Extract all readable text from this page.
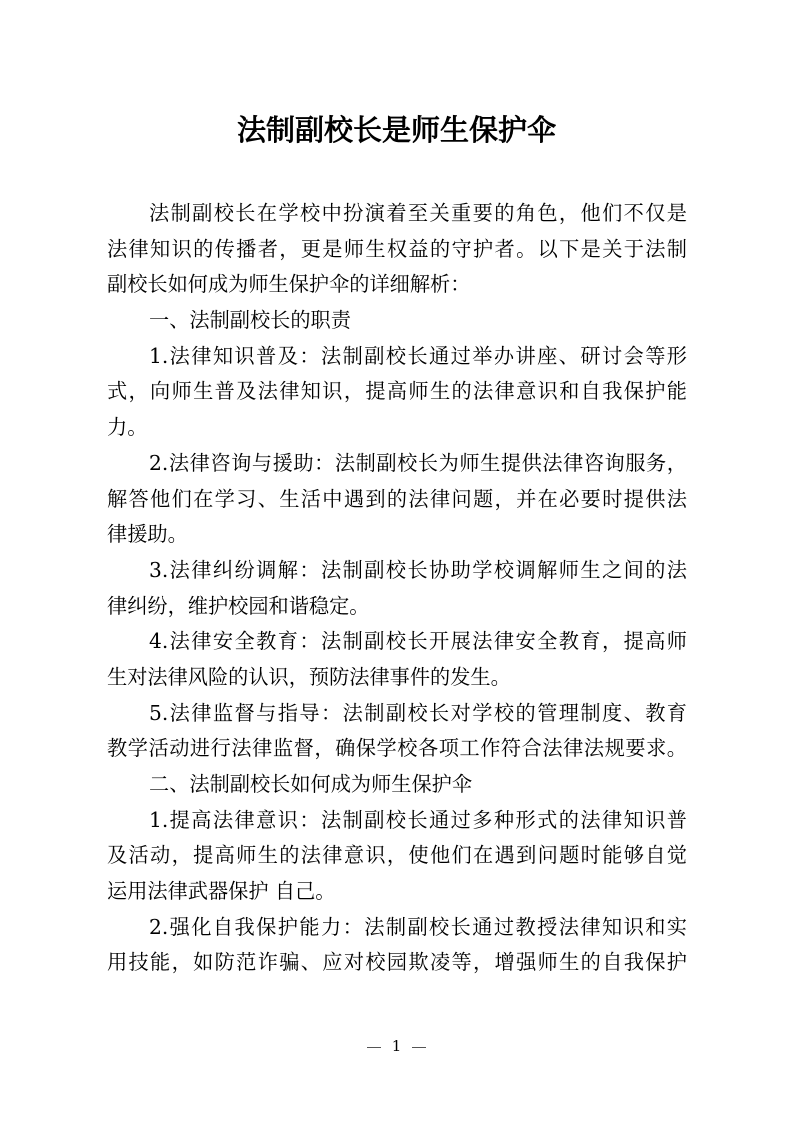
法制副校长是师生保护伞
法制副校长在学校中扮演着至关重要的角色，他们不仅是
法律知识的传播者，更是师生权益的守护者。以下是关于法制
副校长如何成为师生保护伞的详细解析：
一、法制副校长的职责
1.法律知识普及：法制副校长通过举办讲座、研讨会等形
式，向师生普及法律知识，提高师生的法律意识和自我保护能
力。
2.法律咨询与援助：法制副校长为师生提供法律咨询服务，
解答他们在学习、生活中遇到的法律问题，并在必要时提供法
律援助。
3.法律纠纷调解：法制副校长协助学校调解师生之间的法
律纠纷，维护校园和谐稳定。
4.法律安全教育：法制副校长开展法律安全教育，提高师
生对法律风险的认识，预防法律事件的发生。
5.法律监督与指导：法制副校长对学校的管理制度、教育
教学活动进行法律监督，确保学校各项工作符合法律法规要求。
二、法制副校长如何成为师生保护伞
1.提高法律意识：法制副校长通过多种形式的法律知识普
及活动，提高师生的法律意识，使他们在遇到问题时能够自觉
运用法律武器保护 自己。
2.强化自我保护能力：法制副校长通过教授法律知识和实
用技能，如防范诈骗、应对校园欺凌等，增强师生的自我保护
1
